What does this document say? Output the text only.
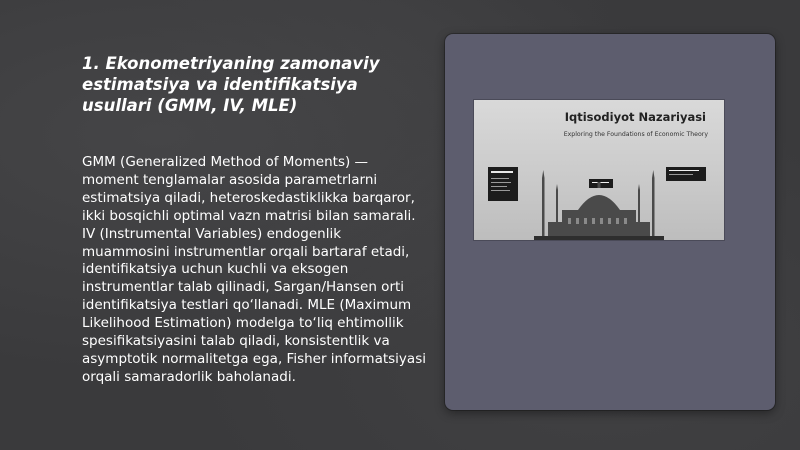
1. Ekonometriyaning zamonaviy estimatsiya va identifikatsiya usullari (GMM, IV, MLE)

GMM (Generalized Method of Moments) — moment tenglamalar asosida parametrlarni estimatsiya qiladi, heteroskedastiklikka barqaror, ikki bosqichli optimal vazn matrisi bilan samarali. IV (Instrumental Variables) endogenlik muammosini instrumentlar orqali bartaraf etadi, identifikatsiya uchun kuchli va eksogen instrumentlar talab qilinadi, Sargan/Hansen orti identifikatsiya testlari qo‘llanadi. MLE (Maximum Likelihood Estimation) modelga to‘liq ehtimollik spesifikatsiyasini talab qiladi, konsistentlik va asymptotik normalitetga ega, Fisher informatsiyasi orqali samaradorlik baholanadi.

Iqtisodiyot Nazariyasi
Exploring the Foundations of Economic Theory
